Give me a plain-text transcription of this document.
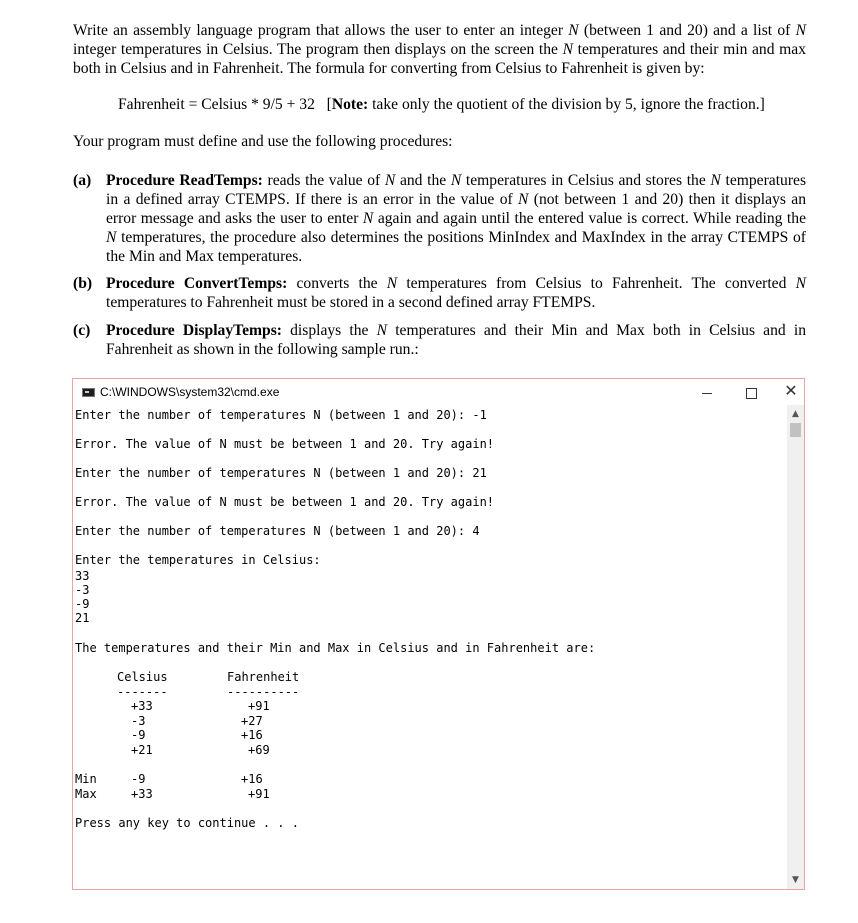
Write an assembly language program that allows the user to enter an integer N (between 1 and 20) and a list of N integer temperatures in Celsius. The program then displays on the screen the N temperatures and their min and max both in Celsius and in Fahrenheit. The formula for converting from Celsius to Fahrenheit is given by:
Fahrenheit = Celsius * 9/5 + 32 [Note: take only the quotient of the division by 5, ignore the fraction.]
Your program must define and use the following procedures:
(a) Procedure ReadTemps: reads the value of N and the N temperatures in Celsius and stores the N temperatures in a defined array CTEMPS. If there is an error in the value of N (not between 1 and 20) then it displays an error message and asks the user to enter N again and again until the entered value is correct. While reading the N temperatures, the procedure also determines the positions MinIndex and MaxIndex in the array CTEMPS of the Min and Max temperatures.
(b) Procedure ConvertTemps: converts the N temperatures from Celsius to Fahrenheit. The converted N temperatures to Fahrenheit must be stored in a second defined array FTEMPS.
(c) Procedure DisplayTemps: displays the N temperatures and their Min and Max both in Celsius and in Fahrenheit as shown in the following sample run.:
C:\WINDOWS\system32\cmd.exe	✕
Enter the number of temperatures N (between 1 and 20): -1
Error. The value of N must be between 1 and 20. Try again!
Enter the number of temperatures N (between 1 and 20): 21
Error. The value of N must be between 1 and 20. Try again!
Enter the number of temperatures N (between 1 and 20): 4
Enter the temperatures in Celsius:
33
-3
-9
21
The temperatures and their Min and Max in Celsius and in Fahrenheit are:
Celsius	Fahrenheit
-------	----------
+33	+91
-3	+27
-9	+16
+21	+69
Min	-9	+16
Max	+33	+91
Press any key to continue . . .
▲
▼
